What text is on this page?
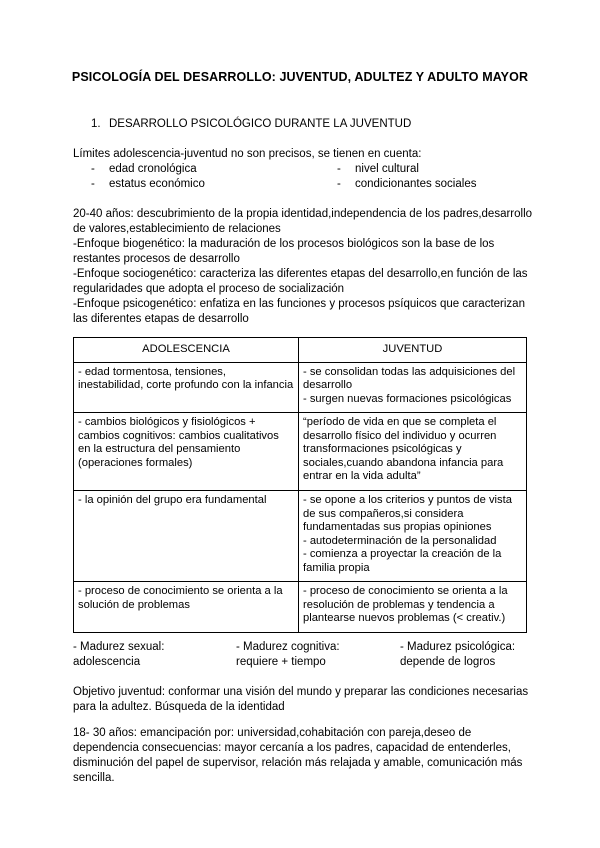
PSICOLOGÍA DEL DESARROLLO: JUVENTUD, ADULTEZ Y ADULTO MAYOR
1. DESARROLLO PSICOLÓGICO DURANTE LA JUVENTUD
Límites adolescencia-juventud no son precisos, se tienen en cuenta:
- edad cronológica
- estatus económico
- nivel cultural
- condicionantes sociales
20-40 años: descubrimiento de la propia identidad,independencia de los padres,desarrollo de valores,establecimiento de relaciones
-Enfoque biogenético: la maduración de los procesos biológicos son la base de los restantes procesos de desarrollo
-Enfoque sociogenético: caracteriza las diferentes etapas del desarrollo,en función de las regularidades que adopta el proceso de socialización
-Enfoque psicogenético: enfatiza en las funciones y procesos psíquicos que caracterizan las diferentes etapas de desarrollo
ADOLESCENCIA	JUVENTUD

- edad tormentosa, tensiones, inestabilidad, corte profundo con la infancia	- se consolidan todas las adquisiciones del desarrollo
- surgen nuevas formaciones psicológicas

- cambios biológicos y fisiológicos + cambios cognitivos: cambios cualitativos en la estructura del pensamiento (operaciones formales)	“período de vida en que se completa el desarrollo físico del individuo y ocurren transformaciones psicológicas y sociales,cuando abandona infancia para entrar en la vida adulta”

- la opinión del grupo era fundamental	- se opone a los criterios y puntos de vista de sus compañeros,si considera fundamentadas sus propias opiniones
- autodeterminación de la personalidad
- comienza a proyectar la creación de la familia propia

- proceso de conocimiento se orienta a la solución de problemas	- proceso de conocimiento se orienta a la resolución de problemas y tendencia a plantearse nuevos problemas (< creativ.)
- Madurez sexual:
adolescencia
- Madurez cognitiva:
requiere + tiempo
- Madurez psicológica:
depende de logros
Objetivo juventud: conformar una visión del mundo y preparar las condiciones necesarias para la adultez. Búsqueda de la identidad
18- 30 años: emancipación por: universidad,cohabitación con pareja,deseo de dependencia consecuencias: mayor cercanía a los padres, capacidad de entenderles, disminución del papel de supervisor, relación más relajada y amable, comunicación más sencilla.
